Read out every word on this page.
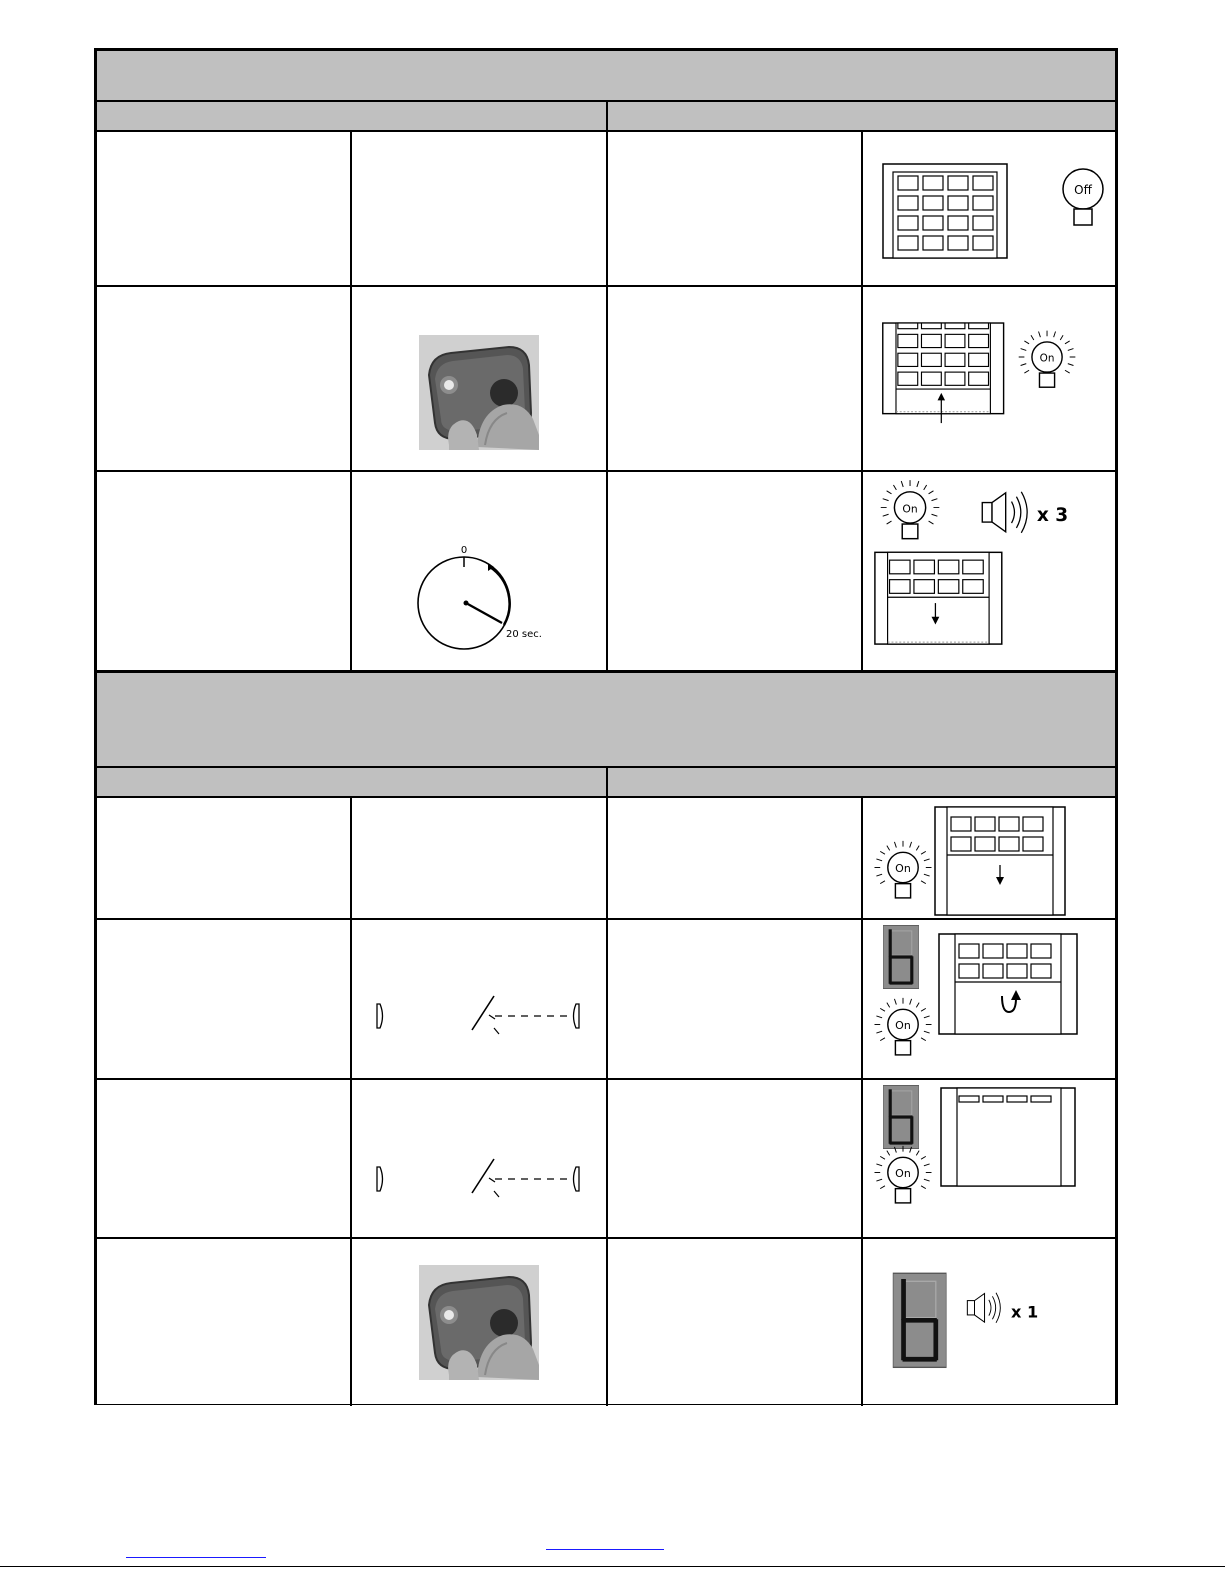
Off
On
0
20 sec.
On	x 3
On
b
On
On
x 1
